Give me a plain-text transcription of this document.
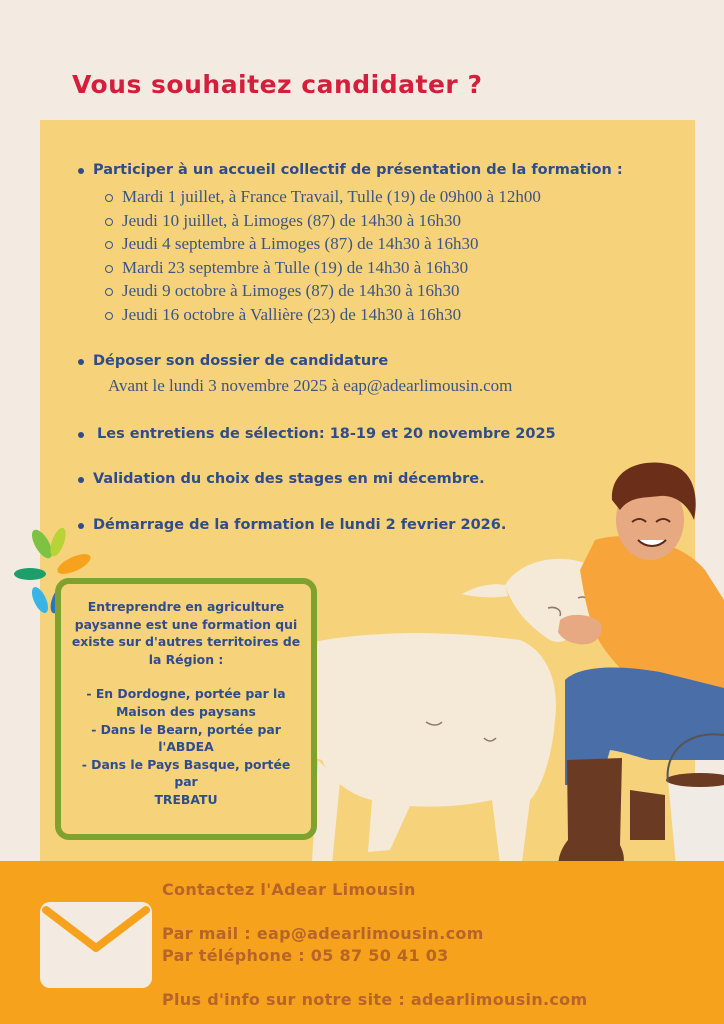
Vous souhaitez candidater ?
Participer à un accueil collectif de présentation de la formation :
Mardi 1 juillet, à France Travail, Tulle (19) de 09h00 à 12h00
Jeudi 10 juillet, à Limoges (87) de 14h30 à 16h30
Jeudi 4 septembre à Limoges (87) de 14h30 à 16h30
Mardi 23 septembre à Tulle (19) de 14h30 à 16h30
Jeudi 9 octobre à Limoges (87) de 14h30 à 16h30
Jeudi 16 octobre à Vallière (23) de 14h30 à 16h30
Déposer son dossier de candidature
Avant le lundi 3 novembre 2025 à eap@adearlimousin.com
Les entretiens de sélection: 18-19 et 20 novembre 2025
Validation du choix des stages en mi décembre.
Démarrage de la formation le lundi 2 fevrier 2026.
Entreprendre en agriculture
paysanne est une formation qui
existe sur d'autres territoires de
la Région :
- En Dordogne, portée par la
Maison des paysans
- Dans le Bearn, portée par
l'ABDEA
- Dans le Pays Basque, portée par
TREBATU
Contactez l'Adear Limousin
Par mail : eap@adearlimousin.com
Par téléphone : 05 87 50 41 03
Plus d'info sur notre site : adearlimousin.com
